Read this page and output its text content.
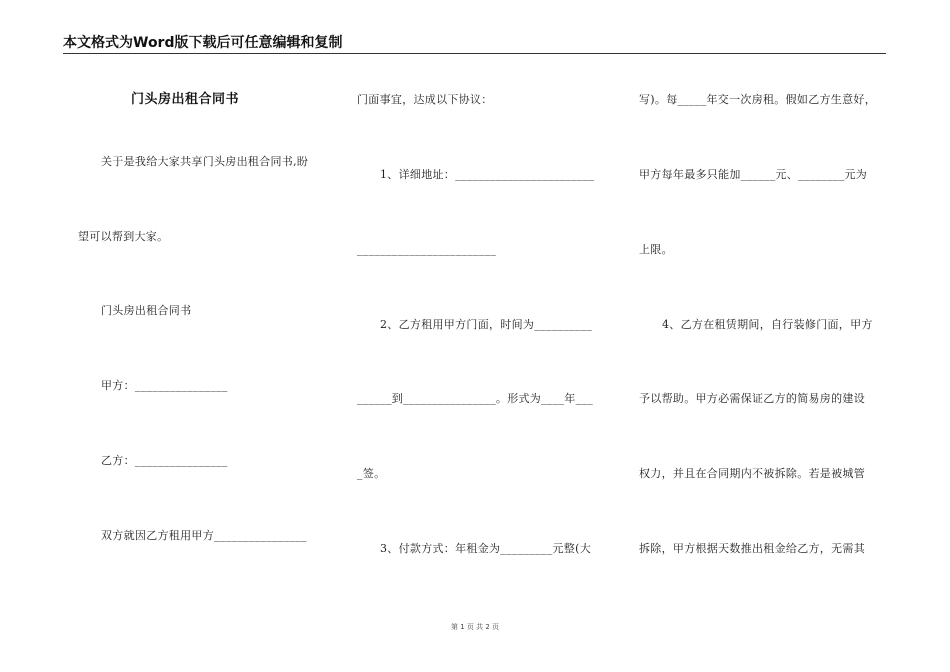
本文格式为Word版下载后可任意编辑和复制
门头房出租合同书
关于是我给大家共享门头房出租合同书,盼
望可以帮到大家。
门头房出租合同书
甲方：________________
乙方：________________
双方就因乙方租用甲方________________
门面事宜，达成以下协议：
1、详细地址：________________________
________________________
2、乙方租用甲方门面，时间为__________
______到________________。形式为____年___
_签。
3、付款方式：年租金为_________元整(大
写)。每_____年交一次房租。假如乙方生意好，
甲方每年最多只能加______元、________元为
上限。
4、乙方在租赁期间，自行装修门面，甲方
予以帮助。甲方必需保证乙方的简易房的建设
权力，并且在合同期内不被拆除。若是被城管
拆除，甲方根据天数推出租金给乙方，无需其
第 1 页 共 2 页
